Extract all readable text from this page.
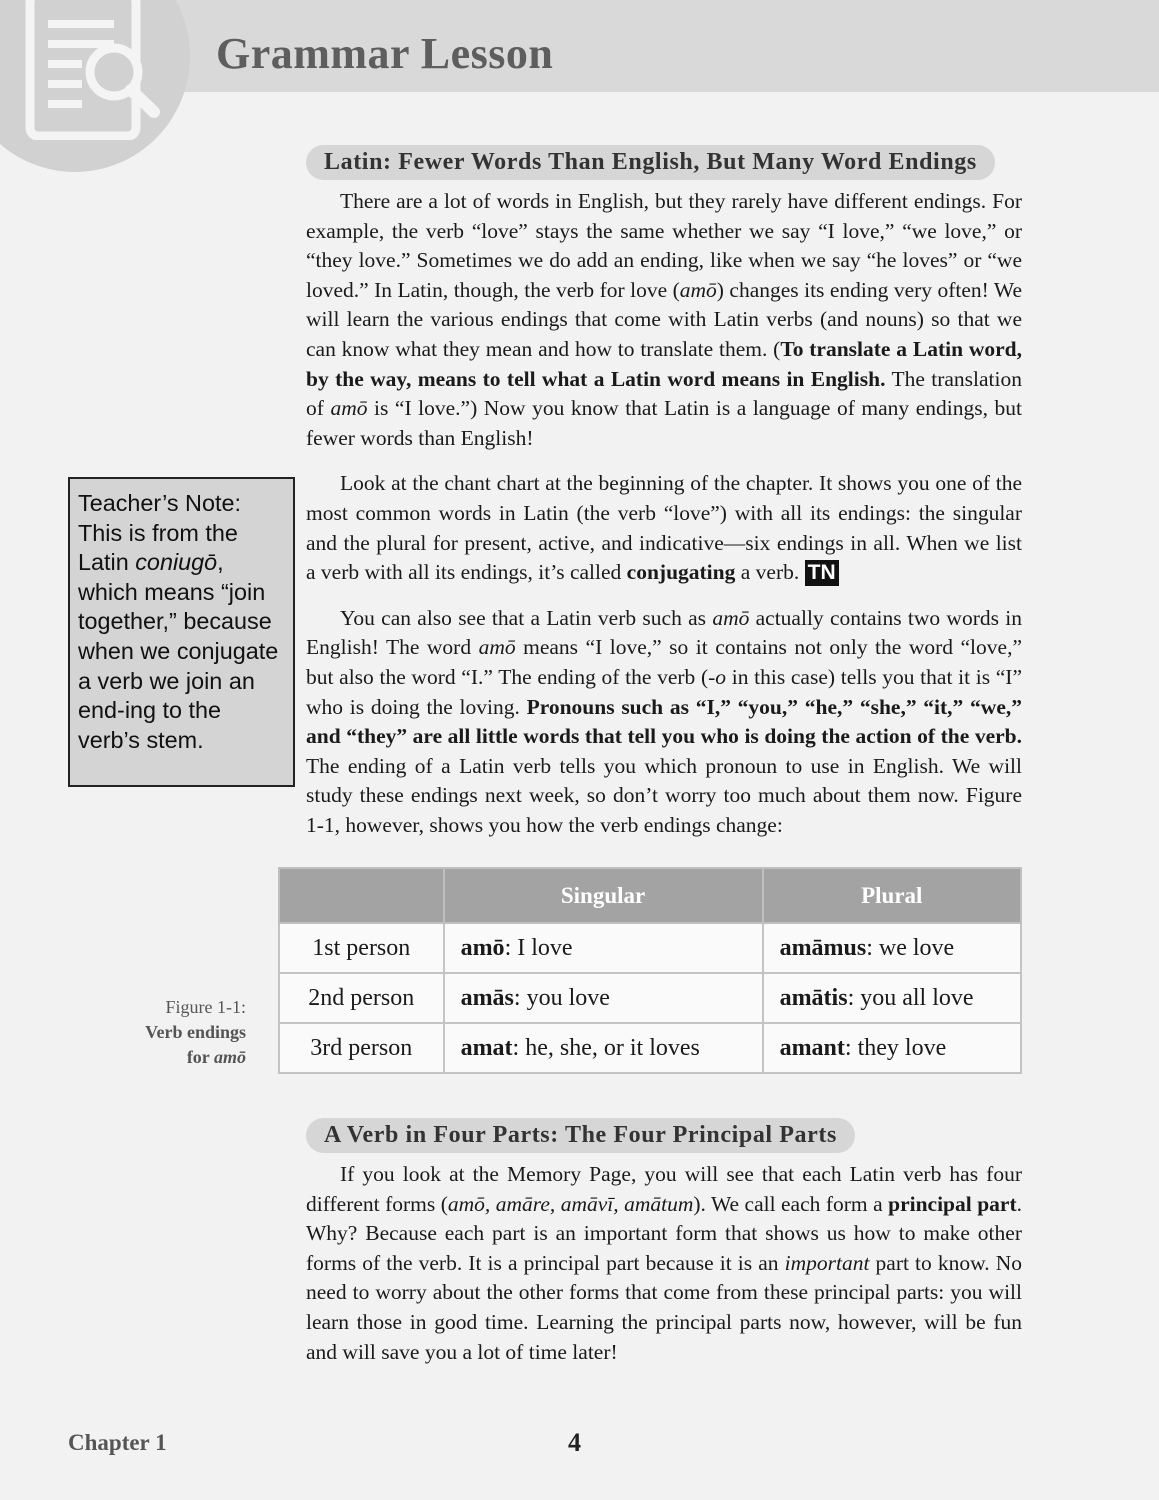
Grammar Lesson
Latin: Fewer Words Than English, But Many Word Endings

There are a lot of words in English, but they rarely have different endings. For example, the verb “love” stays the same whether we say “I love,” “we love,” or “they love.” Sometimes we do add an ending, like when we say “he loves” or “we loved.” In Latin, though, the verb for love (amō) changes its ending very often! We will learn the various endings that come with Latin verbs (and nouns) so that we can know what they mean and how to translate them. (To translate a Latin word, by the way, means to tell what a Latin word means in English. The translation of amō is “I love.”) Now you know that Latin is a language of many endings, but fewer words than English!

Look at the chant chart at the beginning of the chapter. It shows you one of the most common words in Latin (the verb “love”) with all its endings: the singular and the plural for present, active, and indicative—six endings in all. When we list a verb with all its endings, it’s called conjugating a verb. TN

You can also see that a Latin verb such as amō actually contains two words in English! The word amō means “I love,” so it contains not only the word “love,” but also the word “I.” The ending of the verb (-o in this case) tells you that it is “I” who is doing the loving. Pronouns such as “I,” “you,” “he,” “she,” “it,” “we,” and “they” are all little words that tell you who is doing the action of the verb. The ending of a Latin verb tells you which pronoun to use in English. We will study these endings next week, so don’t worry too much about them now. Figure 1-1, however, shows you how the verb endings change:

Teacher’s Note: This is from the Latin coniugō, which means “join together,” because when we conjugate a verb we join an end-ing to the verb’s stem.

	Singular	Plural
1st person	amō: I love	amāmus: we love
2nd person	amās: you love	amātis: you all love
3rd person	amat: he, she, or it loves	amant: they love
Figure 1-1:
Verb endings
for amō
A Verb in Four Parts: The Four Principal Parts

If you look at the Memory Page, you will see that each Latin verb has four different forms (amō, amāre, amāvī, amātum). We call each form a principal part. Why? Because each part is an important form that shows us how to make other forms of the verb. It is a principal part because it is an important part to know. No need to worry about the other forms that come from these principal parts: you will learn those in good time. Learning the principal parts now, however, will be fun and will save you a lot of time later!

Chapter 1	4
